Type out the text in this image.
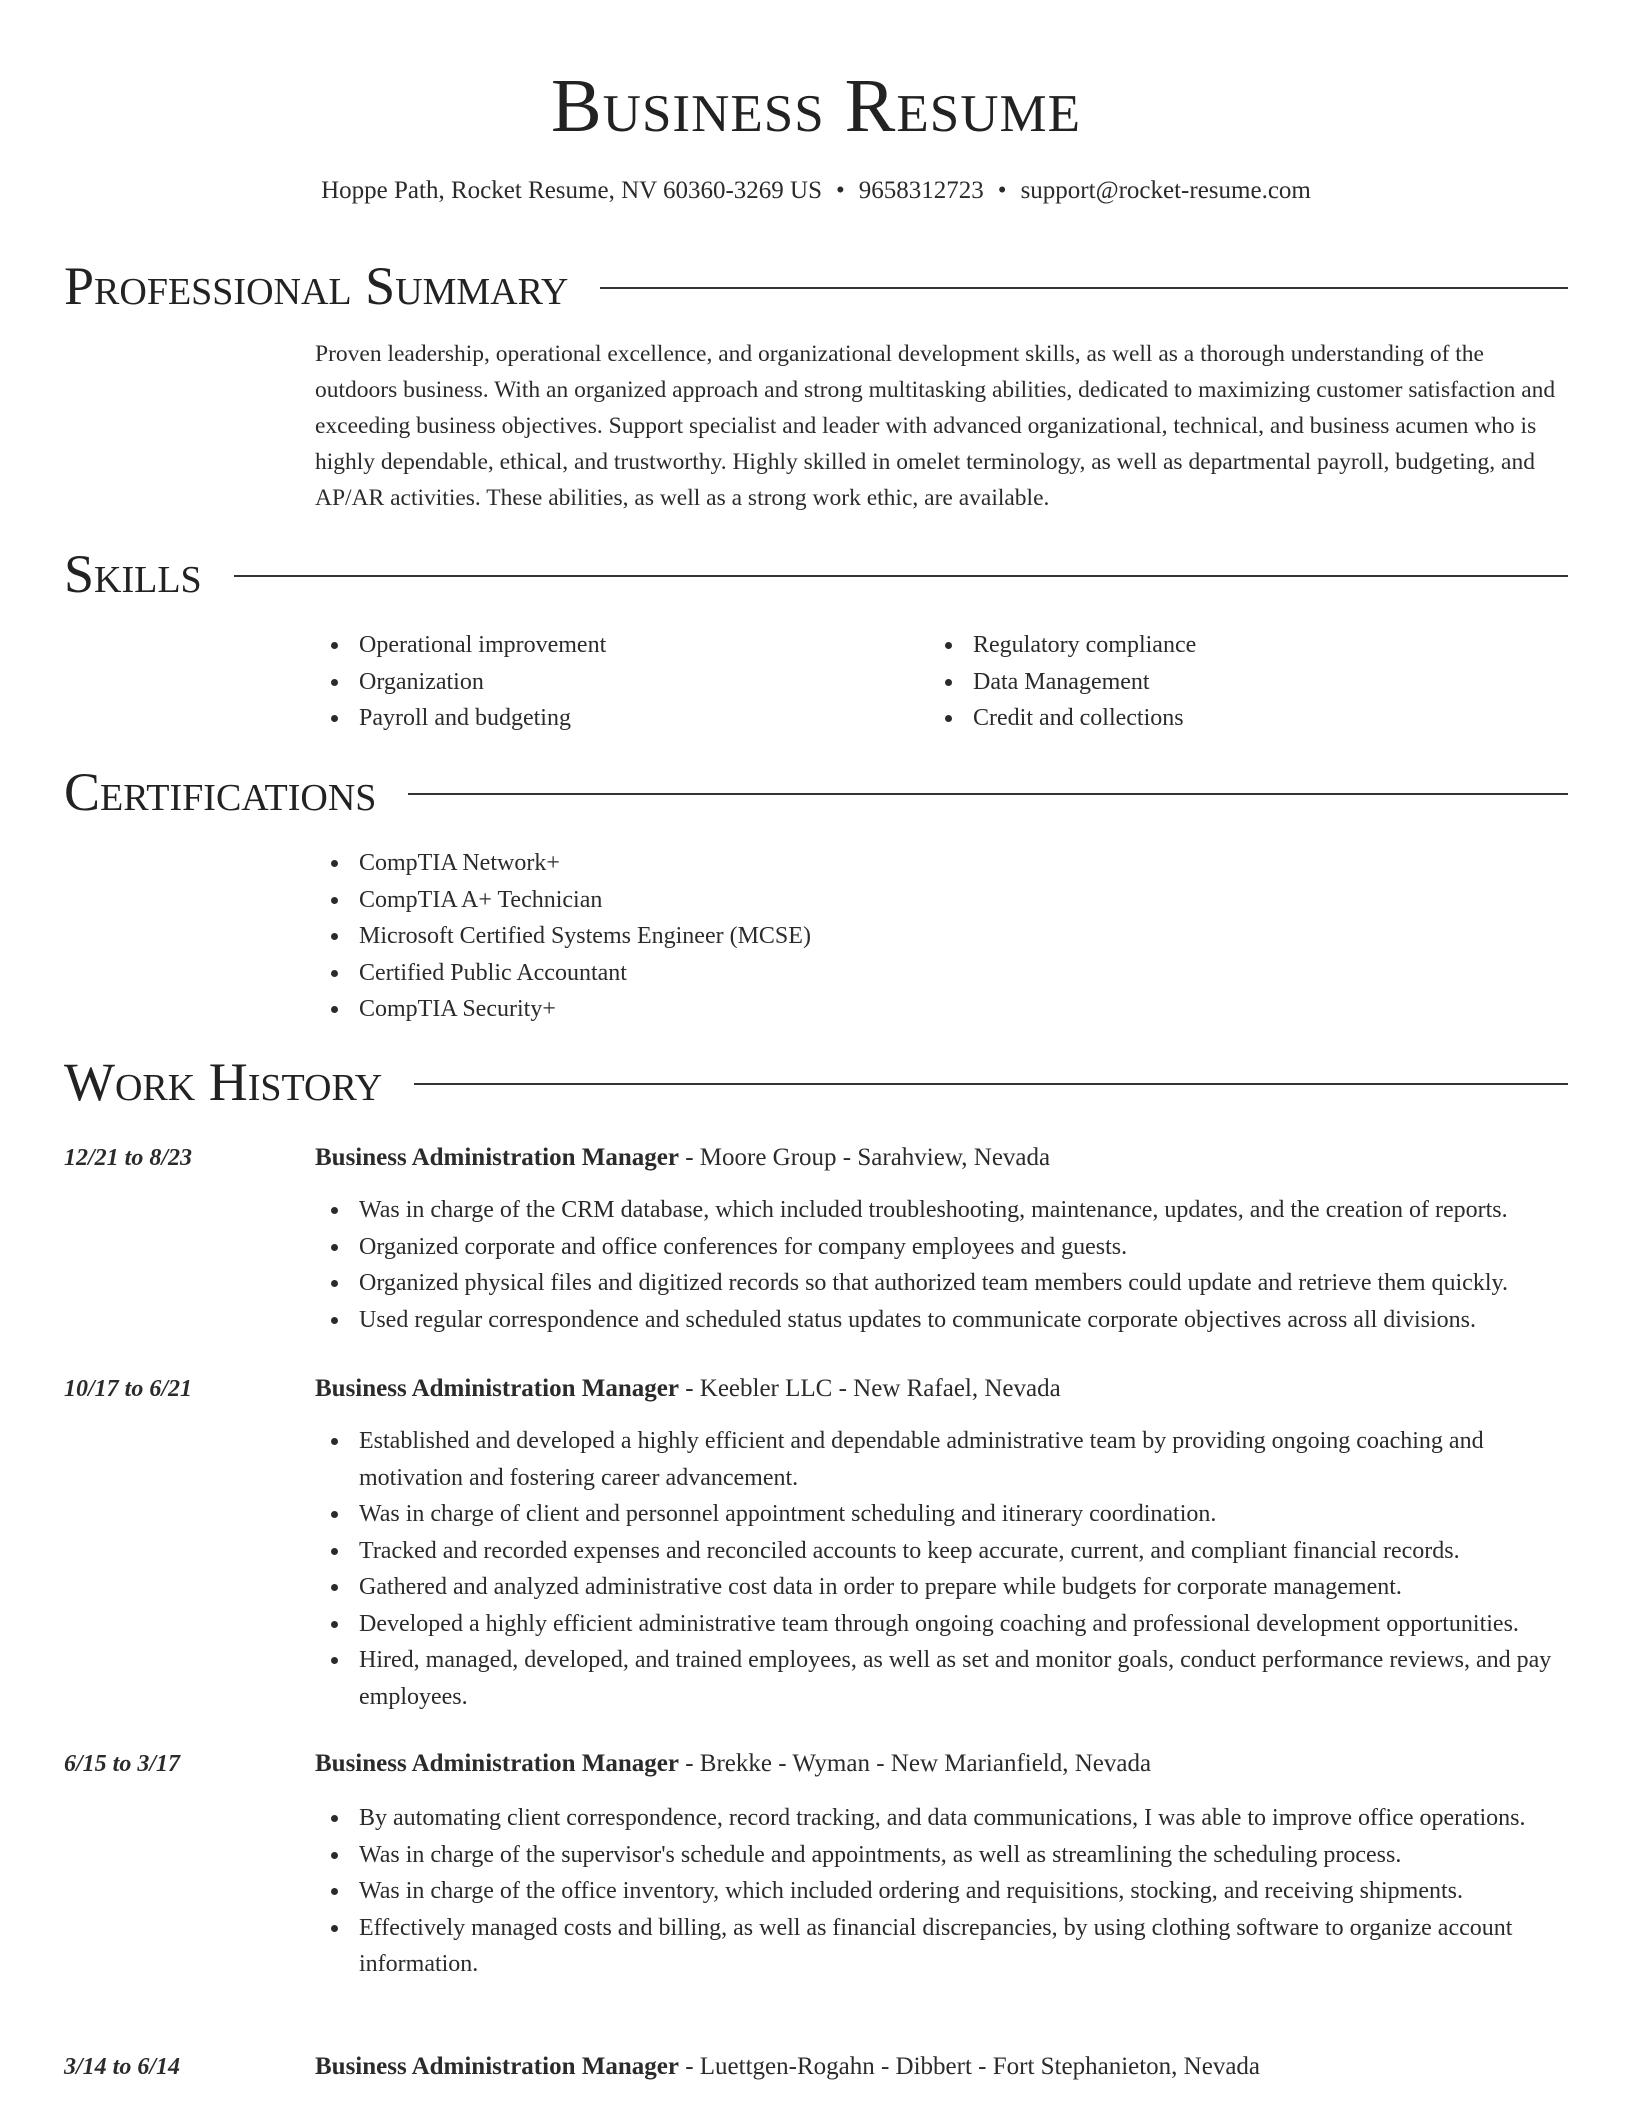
Business Resume
Hoppe Path, Rocket Resume, NV 60360-3269 US • 9658312723 • support@rocket-resume.com
Professional Summary

Proven leadership, operational excellence, and organizational development skills, as well as a thorough understanding of the outdoors business. With an organized approach and strong multitasking abilities, dedicated to maximizing customer satisfaction and exceeding business objectives. Support specialist and leader with advanced organizational, technical, and business acumen who is highly dependable, ethical, and trustworthy. Highly skilled in omelet terminology, as well as departmental payroll, budgeting, and AP/AR activities. These abilities, as well as a strong work ethic, are available.

Skills
Operational improvement
Organization
Payroll and budgeting
Regulatory compliance
Data Management
Credit and collections
Certifications
CompTIA Network+
CompTIA A+ Technician
Microsoft Certified Systems Engineer (MCSE)
Certified Public Accountant
CompTIA Security+
Work History
12/21 to 8/23	Business Administration Manager - Moore Group - Sarahview, Nevada
Was in charge of the CRM database, which included troubleshooting, maintenance, updates, and the creation of reports.
Organized corporate and office conferences for company employees and guests.
Organized physical files and digitized records so that authorized team members could update and retrieve them quickly.
Used regular correspondence and scheduled status updates to communicate corporate objectives across all divisions.
10/17 to 6/21	Business Administration Manager - Keebler LLC - New Rafael, Nevada
Established and developed a highly efficient and dependable administrative team by providing ongoing coaching and motivation and fostering career advancement.
Was in charge of client and personnel appointment scheduling and itinerary coordination.
Tracked and recorded expenses and reconciled accounts to keep accurate, current, and compliant financial records.
Gathered and analyzed administrative cost data in order to prepare while budgets for corporate management.
Developed a highly efficient administrative team through ongoing coaching and professional development opportunities.
Hired, managed, developed, and trained employees, as well as set and monitor goals, conduct performance reviews, and pay employees.
6/15 to 3/17	Business Administration Manager - Brekke - Wyman - New Marianfield, Nevada
By automating client correspondence, record tracking, and data communications, I was able to improve office operations.
Was in charge of the supervisor's schedule and appointments, as well as streamlining the scheduling process.
Was in charge of the office inventory, which included ordering and requisitions, stocking, and receiving shipments.
Effectively managed costs and billing, as well as financial discrepancies, by using clothing software to organize account information.
3/14 to 6/14	Business Administration Manager - Luettgen-Rogahn - Dibbert - Fort Stephanieton, Nevada
